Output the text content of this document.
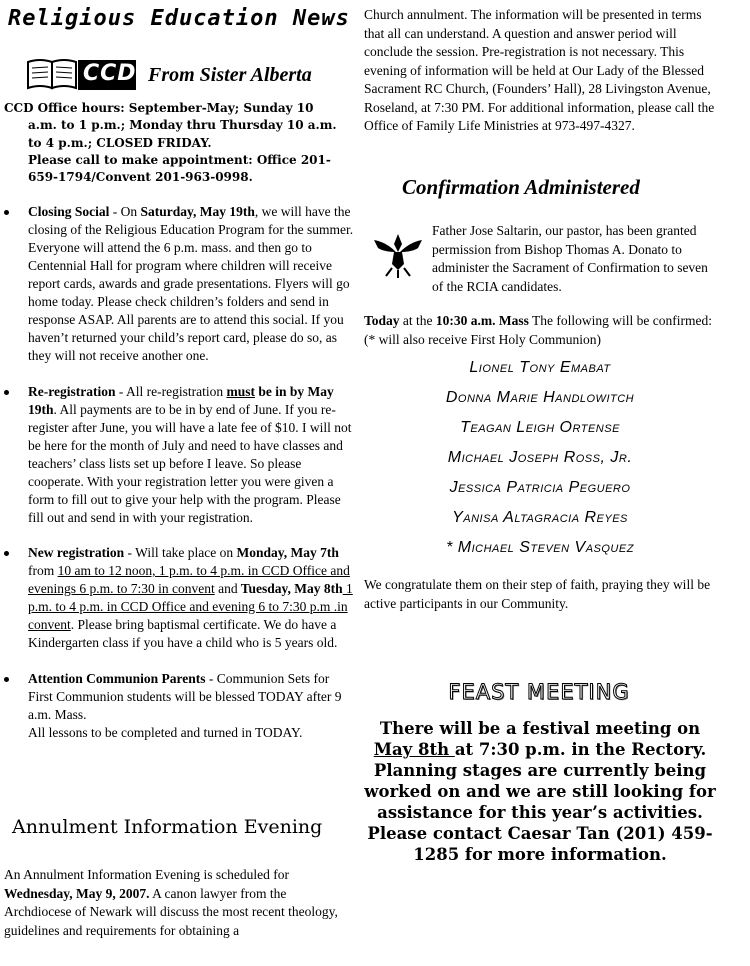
Religious Education News
CCD From Sister Alberta
CCD Office hours: September-May; Sunday 10
a.m. to 1 p.m.; Monday thru Thursday 10 a.m.
to 4 p.m.; CLOSED FRIDAY.
Please call to make appointment: Office 201-
659-1794/Convent 201-963-0998.
Closing Social - On Saturday, May 19th, we will have the closing of the Religious Education Program for the summer. Everyone will attend the 6 p.m. mass. and then go to Centennial Hall for program where children will receive report cards, awards and grade presentations. Flyers will go home today. Please check children’s folders and send in response ASAP. All parents are to attend this social. If you haven’t returned your child’s report card, please do so, as they will not receive another one.
Re-registration - All re-registration must be in by May 19th. All payments are to be in by end of June. If you re-register after June, you will have a late fee of $10. I will not be here for the month of July and need to have classes and teachers’ class lists set up before I leave. So please cooperate. With your registration letter you were given a form to fill out to give your help with the program. Please fill out and send in with your registration.
New registration - Will take place on Monday, May 7th from 10 am to 12 noon, 1 p.m. to 4 p.m. in CCD Office and evenings 6 p.m. to 7:30 in convent and Tuesday, May 8th 1 p.m. to 4 p.m. in CCD Office and evening 6 to 7:30 p.m .in convent. Please bring baptismal certificate. We do have a Kindergarten class if you have a child who is 5 years old.
Attention Communion Parents - Communion Sets for First Communion students will be blessed TODAY after 9 a.m. Mass.
All lessons to be completed and turned in TODAY.
Annulment Information Evening
An Annulment Information Evening is scheduled for Wednesday, May 9, 2007. A canon lawyer from the Archdiocese of Newark will discuss the most recent theology, guidelines and requirements for obtaining a
Church annulment. The information will be presented in terms that all can understand. A question and answer period will conclude the session. Pre-registration is not necessary. This evening of information will be held at Our Lady of the Blessed Sacrament RC Church, (Founders’ Hall), 28 Livingston Avenue, Roseland, at 7:30 PM. For additional information, please call the Office of Family Life Ministries at 973-497-4327.
Confirmation Administered
Father Jose Saltarin, our pastor, has been granted permission from Bishop Thomas A. Donato to administer the Sacrament of Confirmation to seven of the RCIA candidates.
Today at the 10:30 a.m. Mass The following will be confirmed: (* will also receive First Holy Communion)
Lionel Tony Emabat
Donna Marie Handlowitch
Teagan Leigh Ortense
Michael Joseph Ross, Jr.
Jessica Patricia Peguero
Yanisa Altagracia Reyes
* Michael Steven Vasquez
We congratulate them on their step of faith, praying they will be active participants in our Community.
FEAST MEETING
There will be a festival meeting on May 8th at 7:30 p.m. in the Rectory. Planning stages are currently being worked on and we are still looking for assistance for this year’s activities. Please contact Caesar Tan (201) 459-1285 for more information.
